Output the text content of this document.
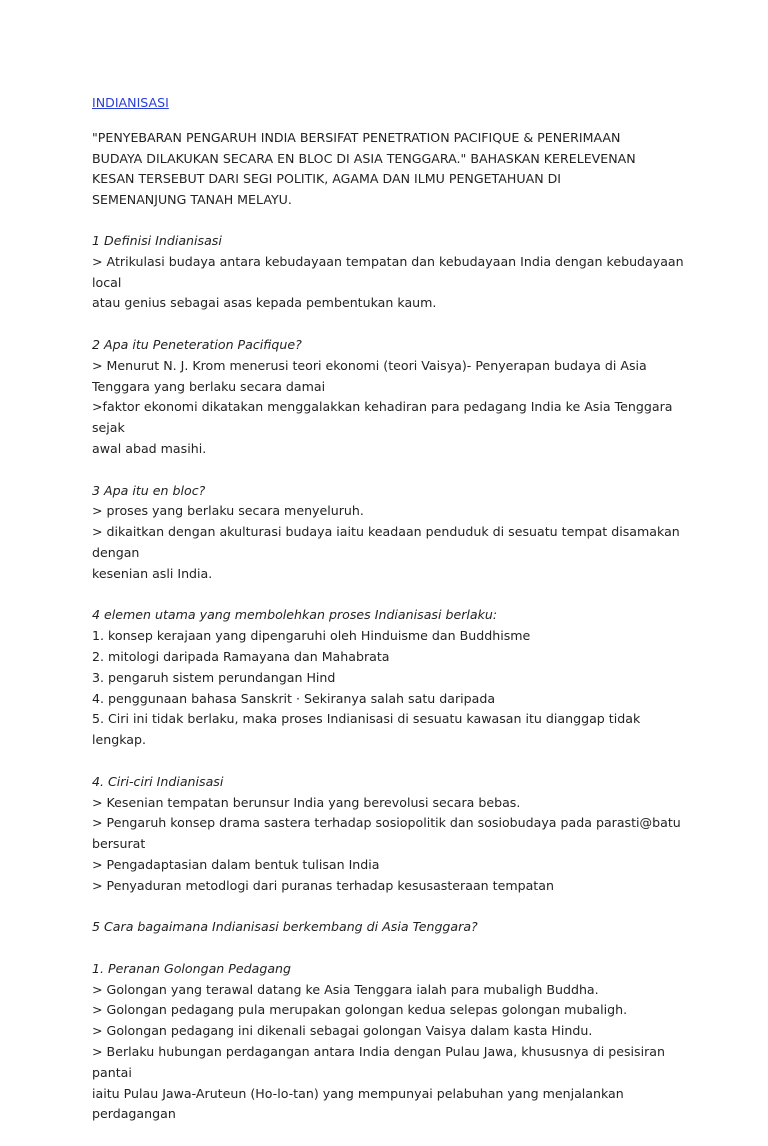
INDIANISASI

"PENYEBARAN PENGARUH INDIA BERSIFAT PENETRATION PACIFIQUE & PENERIMAAN
BUDAYA DILAKUKAN SECARA EN BLOC DI ASIA TENGGARA." BAHASKAN KERELEVENAN
KESAN TERSEBUT DARI SEGI POLITIK, AGAMA DAN ILMU PENGETAHUAN DI
SEMENANJUNG TANAH MELAYU.

1 Definisi Indianisasi
> Atrikulasi budaya antara kebudayaan tempatan dan kebudayaan India dengan kebudayaan local
atau genius sebagai asas kepada pembentukan kaum.
2 Apa itu Peneteration Pacifique?
> Menurut N. J. Krom menerusi teori ekonomi (teori Vaisya)- Penyerapan budaya di Asia
Tenggara yang berlaku secara damai
>faktor ekonomi dikatakan menggalakkan kehadiran para pedagang India ke Asia Tenggara sejak
awal abad masihi.
3 Apa itu en bloc?
> proses yang berlaku secara menyeluruh.
> dikaitkan dengan akulturasi budaya iaitu keadaan penduduk di sesuatu tempat disamakan dengan
kesenian asli India.
4 elemen utama yang membolehkan proses Indianisasi berlaku:
1. konsep kerajaan yang dipengaruhi oleh Hinduisme dan Buddhisme
2. mitologi daripada Ramayana dan Mahabrata
3. pengaruh sistem perundangan Hind
4. penggunaan bahasa Sanskrit · Sekiranya salah satu daripada
5. Ciri ini tidak berlaku, maka proses Indianisasi di sesuatu kawasan itu dianggap tidak lengkap.
4. Ciri-ciri Indianisasi
> Kesenian tempatan berunsur India yang berevolusi secara bebas.
> Pengaruh konsep drama sastera terhadap sosiopolitik dan sosiobudaya pada parasti@batu
bersurat
> Pengadaptasian dalam bentuk tulisan India
> Penyaduran metodlogi dari puranas terhadap kesusasteraan tempatan
5 Cara bagaimana Indianisasi berkembang di Asia Tenggara?
1. Peranan Golongan Pedagang
> Golongan yang terawal datang ke Asia Tenggara ialah para mubaligh Buddha.
> Golongan pedagang pula merupakan golongan kedua selepas golongan mubaligh.
> Golongan pedagang ini dikenali sebagai golongan Vaisya dalam kasta Hindu.
> Berlaku hubungan perdagangan antara India dengan Pulau Jawa, khususnya di pesisiran pantai
iaitu Pulau Jawa-Aruteun (Ho-lo-tan) yang mempunyai pelabuhan yang menjalankan perdagangan
